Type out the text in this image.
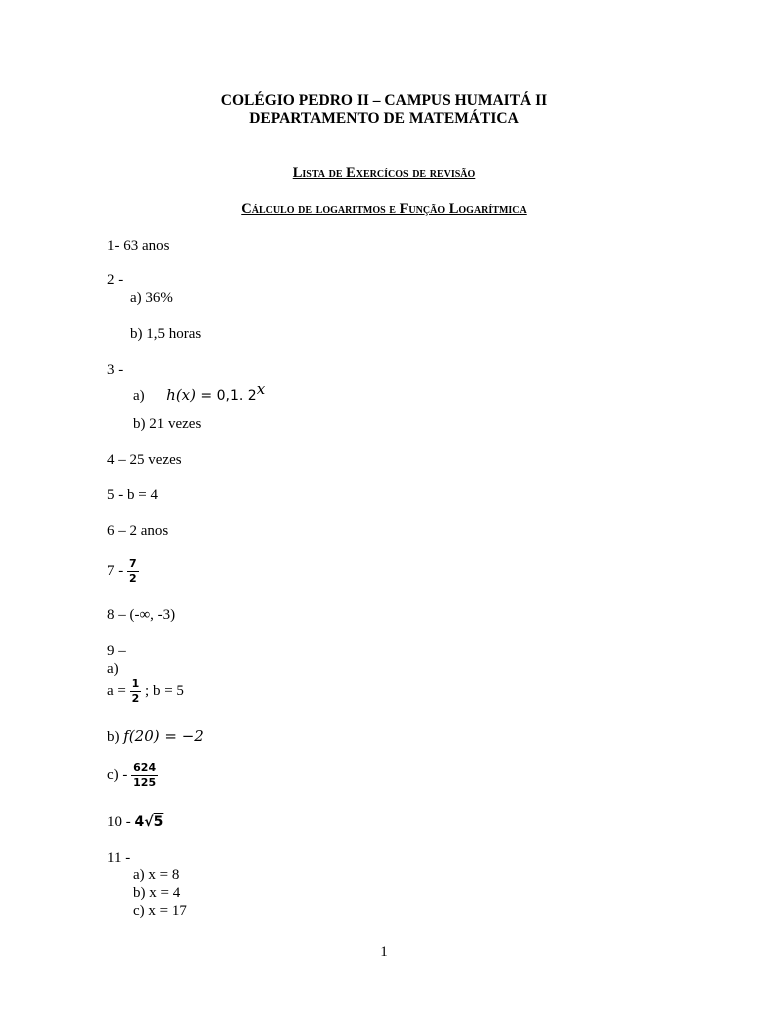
COLÉGIO PEDRO II – CAMPUS HUMAITÁ II
DEPARTAMENTO DE MATEMÁTICA
Lista de Exercícos de revisão
Cálculo de logaritmos e Função Logarítmica
1- 63 anos
2 -
a) 36%
b) 1,5 horas
3 -
a) h(x) = 0,1. 2$^x$
b) 21 vezes
4 – 25 vezes
5 - b = 4
6 – 2 anos
$7 - \frac{7}{2}$
8 – (-∞, -3)
9 –
a)
$a = \frac{1}{2}$ ; b = 5
b) f(20) = −2
$c) - \frac{624}{125}$
10 - 4√5
11 -
a) x = 8
b) x = 4
c) x = 17
1
